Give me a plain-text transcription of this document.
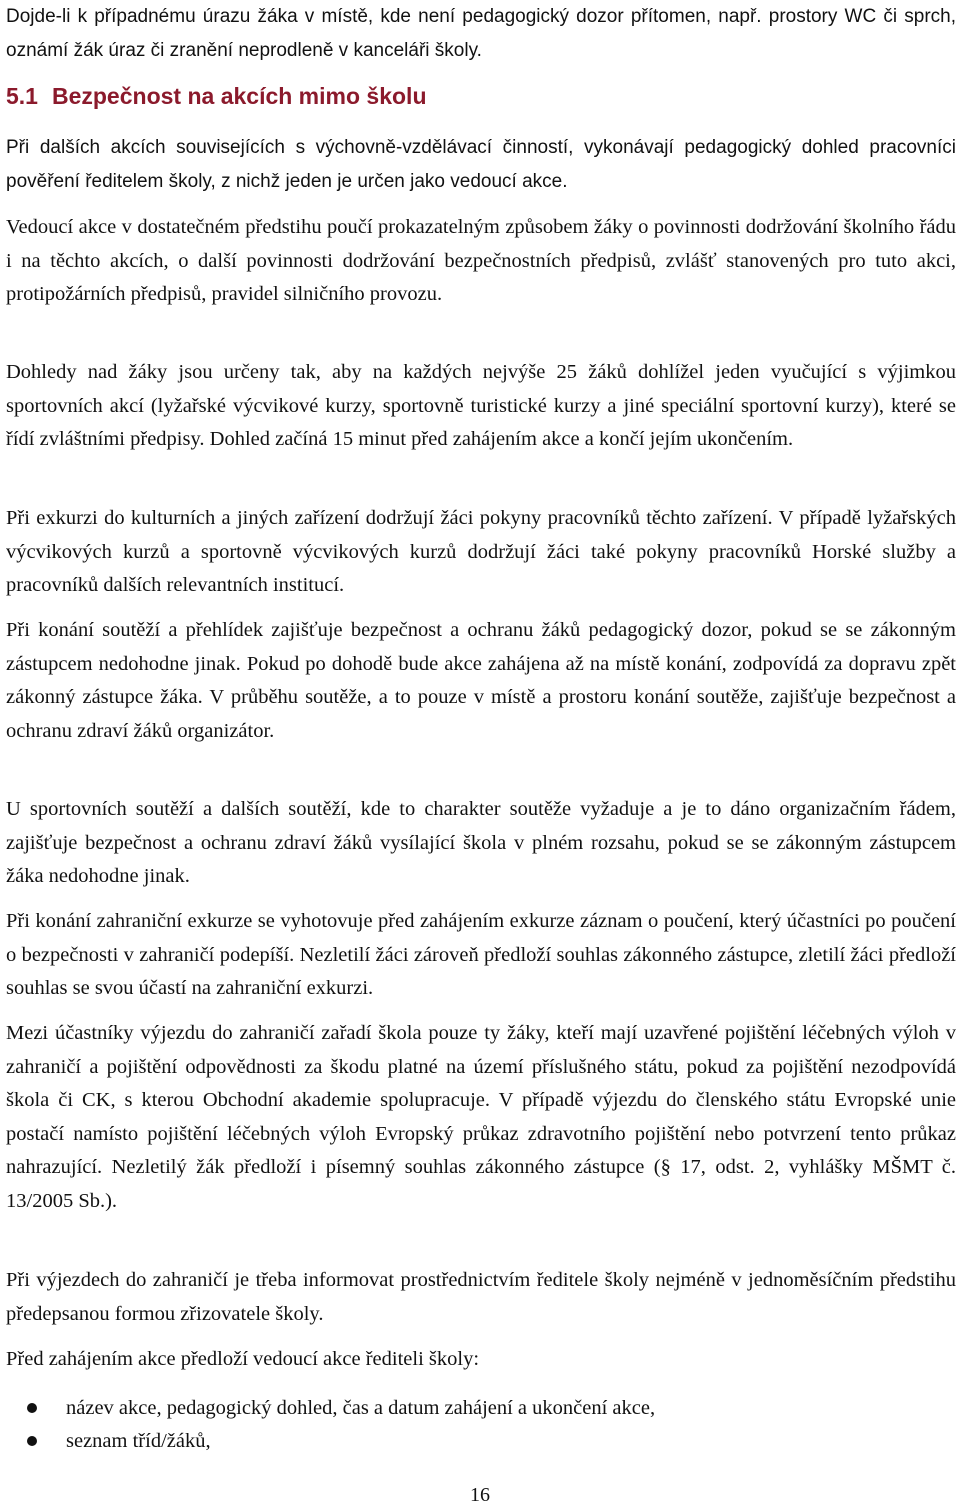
Dojde-li k případnému úrazu žáka v místě, kde není pedagogický dozor přítomen, např. prostory WC či sprch, oznámí žák úraz či zranění neprodleně v kanceláři školy.

5.1 Bezpečnost na akcích mimo školu

Při dalších akcích souvisejících s výchovně-vzdělávací činností, vykonávají pedagogický dohled pracovníci pověření ředitelem školy, z nichž jeden je určen jako vedoucí akce.

Vedoucí akce v dostatečném předstihu poučí prokazatelným způsobem žáky o povinnosti dodržování školního řádu i na těchto akcích, o další povinnosti dodržování bezpečnostních předpisů, zvlášť stanovených pro tuto akci, protipožárních předpisů, pravidel silničního provozu.

Dohledy nad žáky jsou určeny tak, aby na každých nejvýše 25 žáků dohlížel jeden vyučující s výjimkou sportovních akcí (lyžařské výcvikové kurzy, sportovně turistické kurzy a jiné speciální sportovní kurzy), které se řídí zvláštními předpisy. Dohled začíná 15 minut před zahájením akce a končí jejím ukončením.

Při exkurzi do kulturních a jiných zařízení dodržují žáci pokyny pracovníků těchto zařízení. V případě lyžařských výcvikových kurzů a sportovně výcvikových kurzů dodržují žáci také pokyny pracovníků Horské služby a pracovníků dalších relevantních institucí.

Při konání soutěží a přehlídek zajišťuje bezpečnost a ochranu žáků pedagogický dozor, pokud se se zákonným zástupcem nedohodne jinak. Pokud po dohodě bude akce zahájena až na místě konání, zodpovídá za dopravu zpět zákonný zástupce žáka. V průběhu soutěže, a to pouze v místě a prostoru konání soutěže, zajišťuje bezpečnost a ochranu zdraví žáků organizátor.

U sportovních soutěží a dalších soutěží, kde to charakter soutěže vyžaduje a je to dáno organizačním řádem, zajišťuje bezpečnost a ochranu zdraví žáků vysílající škola v plném rozsahu, pokud se se zákonným zástupcem žáka nedohodne jinak.

Při konání zahraniční exkurze se vyhotovuje před zahájením exkurze záznam o poučení, který účastníci po poučení o bezpečnosti v zahraničí podepíší. Nezletilí žáci zároveň předloží souhlas zákonného zástupce, zletilí žáci předloží souhlas se svou účastí na zahraniční exkurzi.

Mezi účastníky výjezdu do zahraničí zařadí škola pouze ty žáky, kteří mají uzavřené pojištění léčebných výloh v zahraničí a pojištění odpovědnosti za škodu platné na území příslušného státu, pokud za pojištění nezodpovídá škola či CK, s kterou Obchodní akademie spolupracuje. V případě výjezdu do členského státu Evropské unie postačí namísto pojištění léčebných výloh Evropský průkaz zdravotního pojištění nebo potvrzení tento průkaz nahrazující. Nezletilý žák předloží i písemný souhlas zákonného zástupce (§ 17, odst. 2, vyhlášky MŠMT č. 13/2005 Sb.).

Při výjezdech do zahraničí je třeba informovat prostřednictvím ředitele školy nejméně v jednoměsíčním předstihu předepsanou formou zřizovatele školy.

Před zahájením akce předloží vedoucí akce řediteli školy:

název akce, pedagogický dohled, čas a datum zahájení a ukončení akce,
seznam tříd/žáků,
16
